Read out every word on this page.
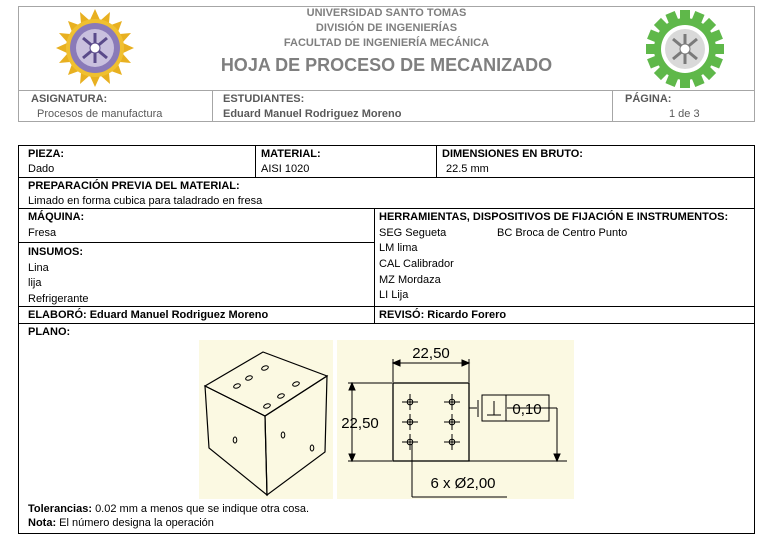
UNIVERSIDAD SANTO TOMAS
DIVISIÓN DE INGENIERÍAS
FACULTAD DE INGENIERÍA MECÁNICA
HOJA DE PROCESO DE MECANIZADO
ASIGNATURA:
Procesos de manufactura
ESTUDIANTES:
Eduard Manuel Rodriguez Moreno
PÁGINA:
1 de 3
PIEZA:
Dado
MATERIAL:
AISI 1020
DIMENSIONES EN BRUTO:
22.5 mm
PREPARACIÓN PREVIA DEL MATERIAL:
Limado en forma cubica para taladrado en fresa
MÁQUINA:
Fresa
HERRAMIENTAS, DISPOSITIVOS DE FIJACIÓN E INSTRUMENTOS:
SEG Segueta	BC Broca de Centro Punto
LM lima
CAL Calibrador
MZ Mordaza
LI Lija
INSUMOS:
Lina
lija
Refrigerante
ELABORÓ: Eduard Manuel Rodriguez Moreno	REVISÓ: Ricardo Forero
PLANO:
22,50
22,50
0,10
6 x Ø2,00
Tolerancias: 0.02 mm a menos que se indique otra cosa.
Nota: El número designa la operación
